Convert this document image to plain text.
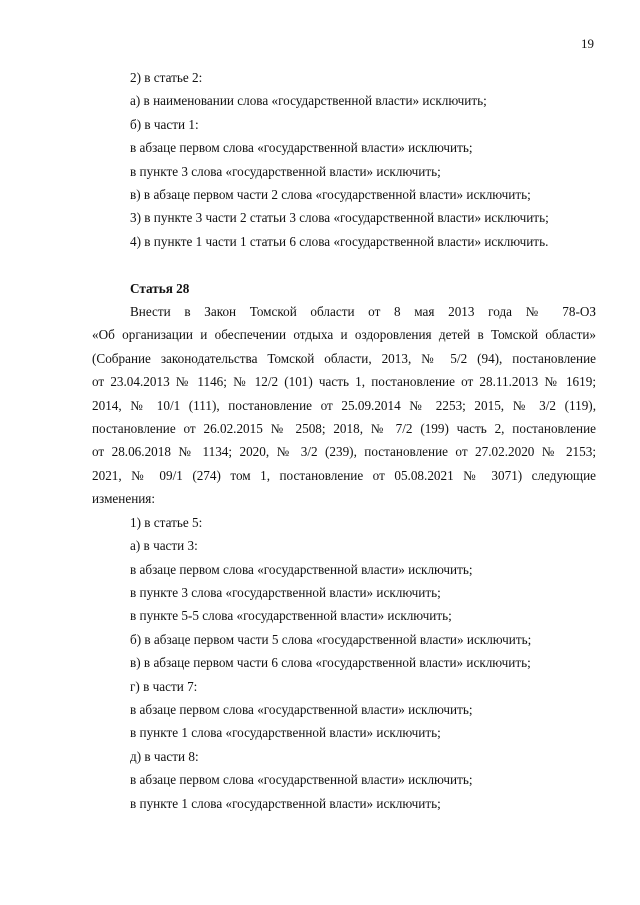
19

2) в статье 2:

а) в наименовании слова «государственной власти» исключить;

б) в части 1:

в абзаце первом слова «государственной власти» исключить;

в пункте 3 слова «государственной власти» исключить;

в) в абзаце первом части 2 слова «государственной власти» исключить;

3) в пункте 3 части 2 статьи 3 слова «государственной власти» исключить;

4) в пункте 1 части 1 статьи 6 слова «государственной власти» исключить.

Статья 28

Внести в Закон Томской области от 8 мая 2013 года № 78-ОЗ

«Об организации и обеспечении отдыха и оздоровления детей в Томской области»

(Собрание законодательства Томской области, 2013, № 5/2 (94), постановление

от 23.04.2013 № 1146; № 12/2 (101) часть 1, постановление от 28.11.2013 № 1619;

2014, № 10/1 (111), постановление от 25.09.2014 № 2253; 2015, № 3/2 (119),

постановление от 26.02.2015 № 2508; 2018, № 7/2 (199) часть 2, постановление

от 28.06.2018 № 1134; 2020, № 3/2 (239), постановление от 27.02.2020 № 2153;

2021, № 09/1 (274) том 1, постановление от 05.08.2021 № 3071) следующие

изменения:

1) в статье 5:

а) в части 3:

в абзаце первом слова «государственной власти» исключить;

в пункте 3 слова «государственной власти» исключить;

в пункте 5-5 слова «государственной власти» исключить;

б) в абзаце первом части 5 слова «государственной власти» исключить;

в) в абзаце первом части 6 слова «государственной власти» исключить;

г) в части 7:

в абзаце первом слова «государственной власти» исключить;

в пункте 1 слова «государственной власти» исключить;

д) в части 8:

в абзаце первом слова «государственной власти» исключить;

в пункте 1 слова «государственной власти» исключить;
